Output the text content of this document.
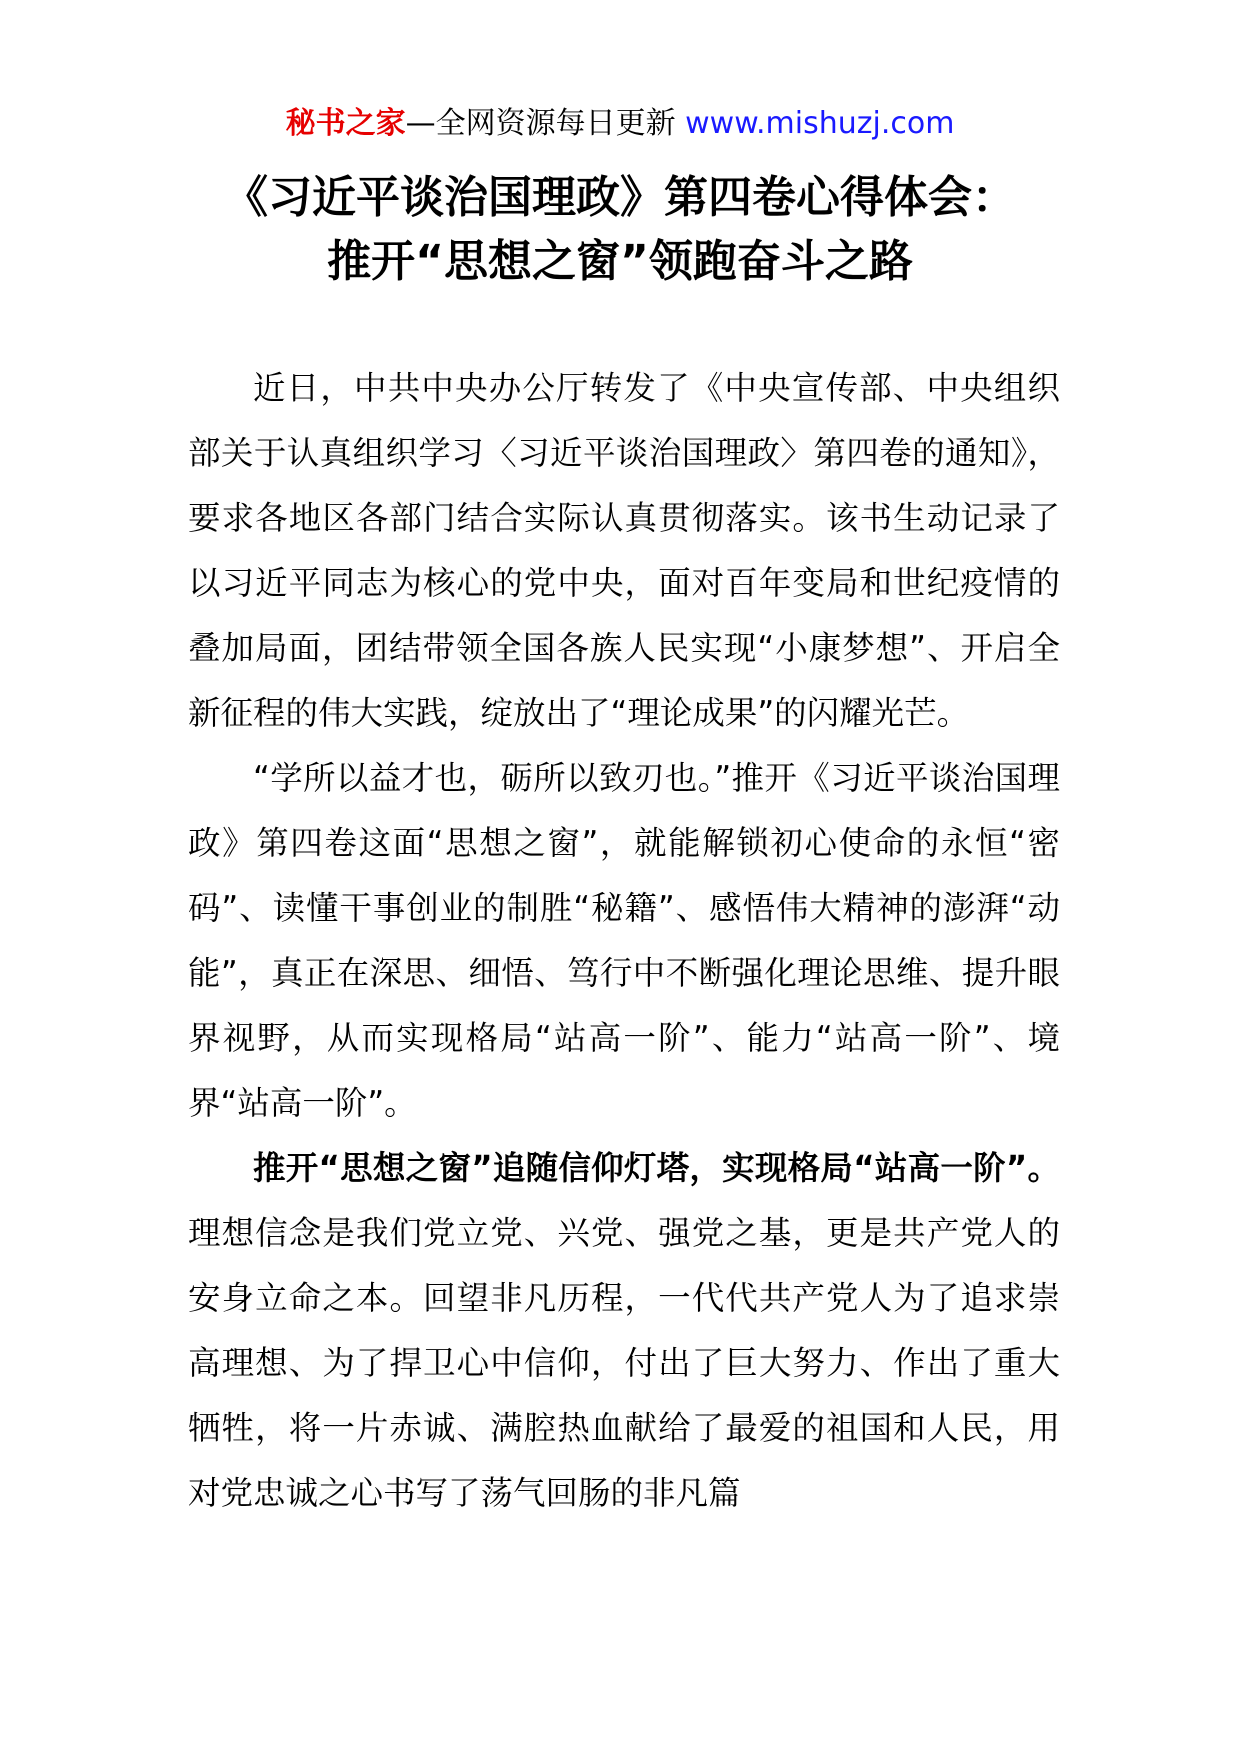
秘书之家—全网资源每日更新 www.mishuzj.com
《习近平谈治国理政》第四卷心得体会：
推开“思想之窗”领跑奋斗之路

近日，中共中央办公厅转发了《中央宣传部、中央组织部关于认真组织学习〈习近平谈治国理政〉第四卷的通知》，要求各地区各部门结合实际认真贯彻落实。该书生动记录了以习近平同志为核心的党中央，面对百年变局和世纪疫情的叠加局面，团结带领全国各族人民实现“小康梦想”、开启全新征程的伟大实践，绽放出了“理论成果”的闪耀光芒。

“学所以益才也，砺所以致刃也。”推开《习近平谈治国理政》第四卷这面“思想之窗”，就能解锁初心使命的永恒“密码”、读懂干事创业的制胜“秘籍”、感悟伟大精神的澎湃“动能”，真正在深思、细悟、笃行中不断强化理论思维、提升眼界视野，从而实现格局“站高一阶”、能力“站高一阶”、境界“站高一阶”。

推开“思想之窗”追随信仰灯塔，实现格局“站高一阶”。理想信念是我们党立党、兴党、强党之基，更是共产党人的安身立命之本。回望非凡历程，一代代共产党人为了追求崇高理想、为了捍卫心中信仰，付出了巨大努力、作出了重大牺牲，将一片赤诚、满腔热血献给了最爱的祖国和人民，用对党忠诚之心书写了荡气回肠的非凡篇
